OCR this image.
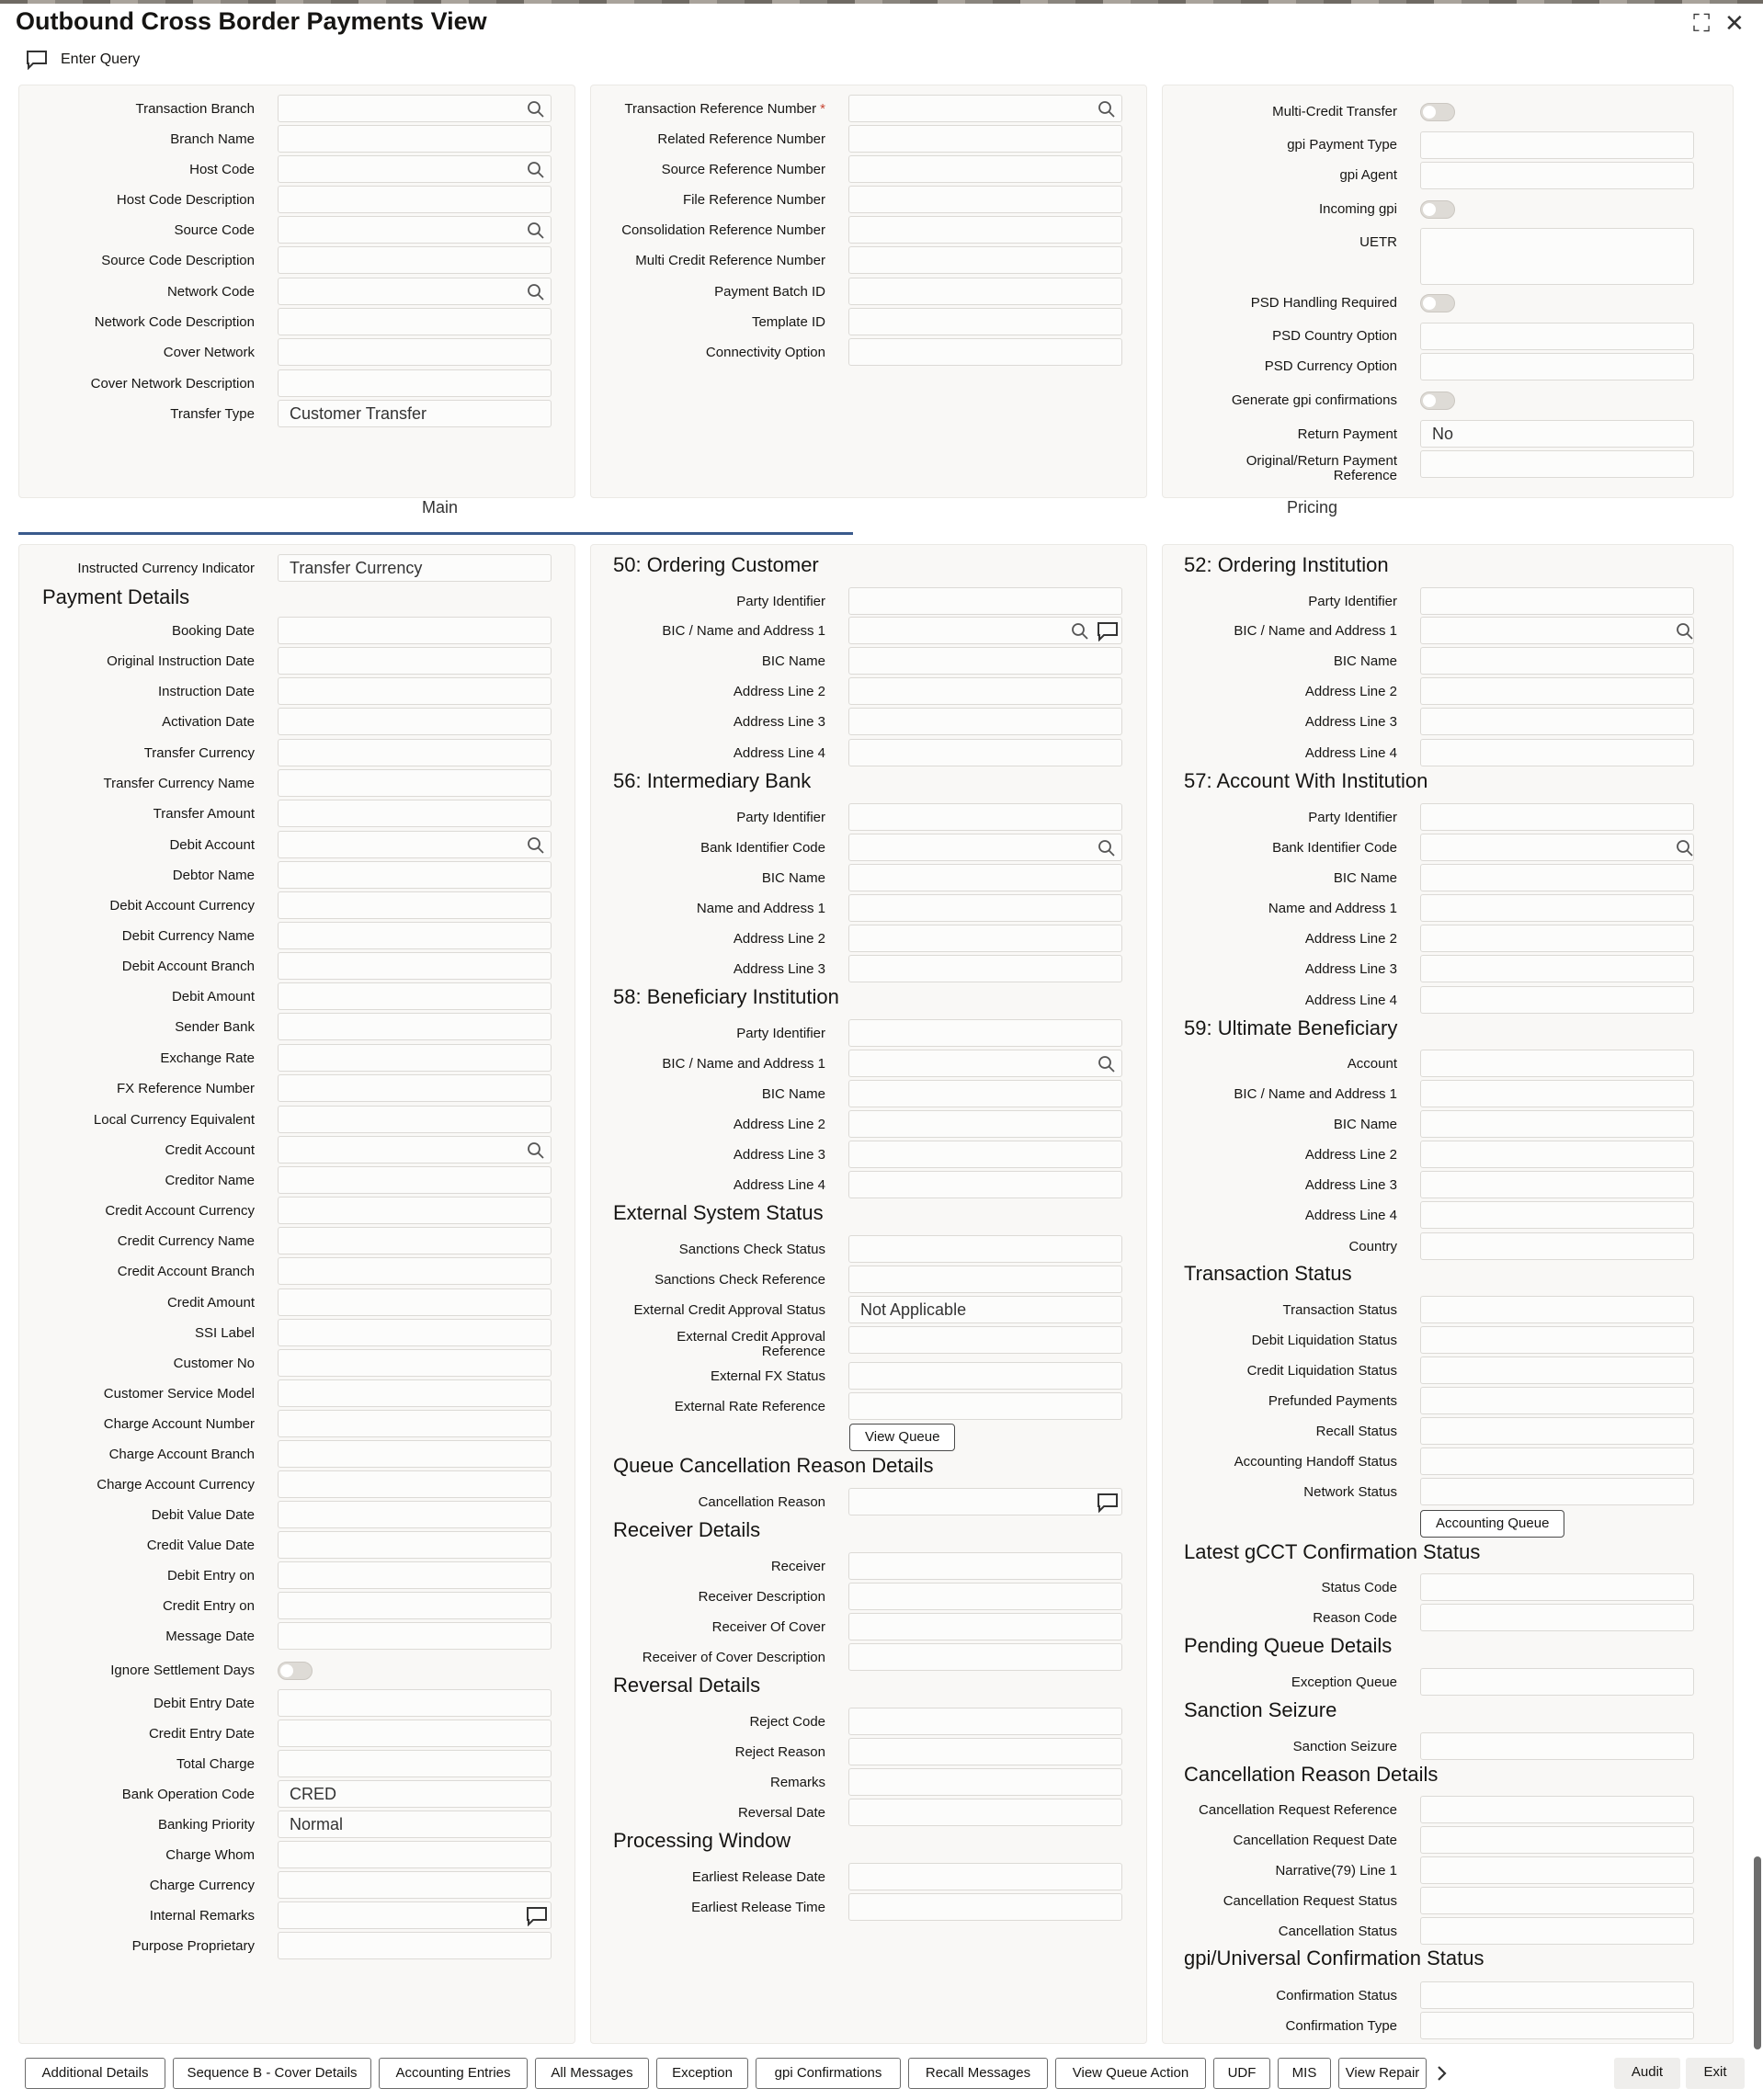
Outbound Cross Border Payments View	⛶ ✕
Enter Query
Main	Pricing
Transaction Branch
Branch Name
Host Code
Host Code Description
Source Code
Source Code Description
Network Code
Network Code Description
Cover Network
Cover Network Description
Transfer Type	Customer Transfer
Transaction Reference Number *
Related Reference Number
Source Reference Number
File Reference Number
Consolidation Reference Number
Multi Credit Reference Number
Payment Batch ID
Template ID
Connectivity Option
Multi-Credit Transfer
gpi Payment Type
gpi Agent
Incoming gpi
UETR
PSD Handling Required
PSD Country Option
PSD Currency Option
Generate gpi confirmations
Return Payment	No
Original/Return Payment
Reference
Instructed Currency Indicator	Transfer Currency
Payment Details
Booking Date
Original Instruction Date
Instruction Date
Activation Date
Transfer Currency
Transfer Currency Name
Transfer Amount
Debit Account
Debtor Name
Debit Account Currency
Debit Currency Name
Debit Account Branch
Debit Amount
Sender Bank
Exchange Rate
FX Reference Number
Local Currency Equivalent
Credit Account
Creditor Name
Credit Account Currency
Credit Currency Name
Credit Account Branch
Credit Amount
SSI Label
Customer No
Customer Service Model
Charge Account Number
Charge Account Branch
Charge Account Currency
Debit Value Date
Credit Value Date
Debit Entry on
Credit Entry on
Message Date
Ignore Settlement Days
Debit Entry Date
Credit Entry Date
Total Charge
Bank Operation Code	CRED
Banking Priority	Normal
Charge Whom
Charge Currency
Internal Remarks
Purpose Proprietary
50: Ordering Customer
Party Identifier
BIC / Name and Address 1
BIC Name
Address Line 2
Address Line 3
Address Line 4
56: Intermediary Bank
Party Identifier
Bank Identifier Code
BIC Name
Name and Address 1
Address Line 2
Address Line 3
58: Beneficiary Institution
Party Identifier
BIC / Name and Address 1
BIC Name
Address Line 2
Address Line 3
Address Line 4
External System Status
Sanctions Check Status
Sanctions Check Reference
External Credit Approval Status	Not Applicable
External Credit Approval
Reference
External FX Status
External Rate Reference
View Queue
Queue Cancellation Reason Details
Cancellation Reason
Receiver Details
Receiver
Receiver Description
Receiver Of Cover
Receiver of Cover Description
Reversal Details
Reject Code
Reject Reason
Remarks
Reversal Date
Processing Window
Earliest Release Date
Earliest Release Time
52: Ordering Institution
Party Identifier
BIC / Name and Address 1
BIC Name
Address Line 2
Address Line 3
Address Line 4
57: Account With Institution
Party Identifier
Bank Identifier Code
BIC Name
Name and Address 1
Address Line 2
Address Line 3
Address Line 4
59: Ultimate Beneficiary
Account
BIC / Name and Address 1
BIC Name
Address Line 2
Address Line 3
Address Line 4
Country
Transaction Status
Transaction Status
Debit Liquidation Status
Credit Liquidation Status
Prefunded Payments
Recall Status
Accounting Handoff Status
Network Status
Accounting Queue
Latest gCCT Confirmation Status
Status Code
Reason Code
Pending Queue Details
Exception Queue
Sanction Seizure
Sanction Seizure
Cancellation Reason Details
Cancellation Request Reference
Cancellation Request Date
Narrative(79) Line 1
Cancellation Request Status
Cancellation Status
gpi/Universal Confirmation Status
Confirmation Status
Confirmation Type
Additional Details	Sequence B - Cover Details	Accounting Entries	All Messages	Exception	gpi Confirmations	Recall Messages	View Queue Action	UDF	MIS	View Repair	Audit	Exit
